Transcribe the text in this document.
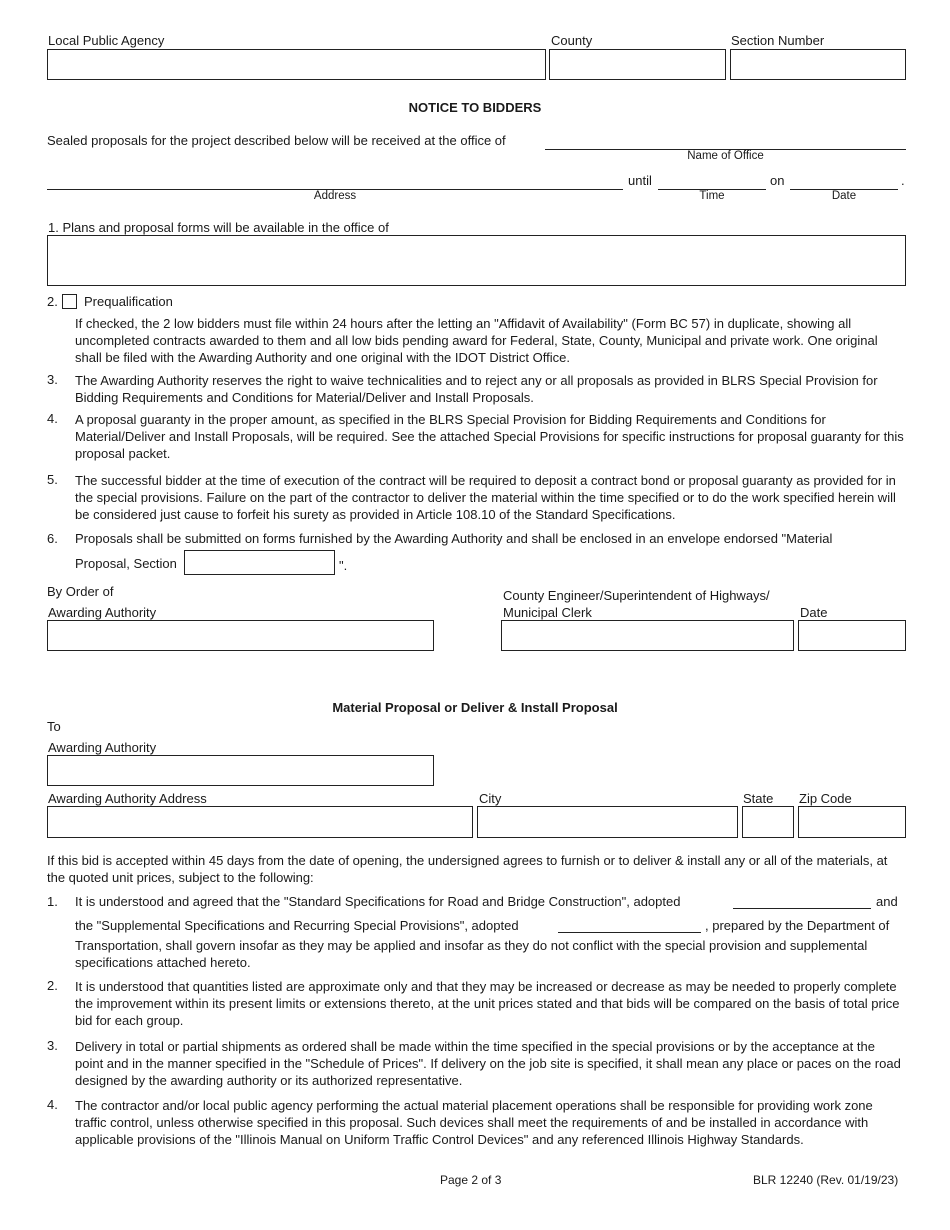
Local Public Agency	County	Section Number
NOTICE TO BIDDERS
Sealed proposals for the project described below will be received at the office of
Name of Office
Address
until
Time
on
Date
.
1. Plans and proposal forms will be available in the office of
2. Prequalification
If checked, the 2 low bidders must file within 24 hours after the letting an "Affidavit of Availability" (Form BC 57) in duplicate, showing all uncompleted contracts awarded to them and all low bids pending award for Federal, State, County, Municipal and private work. One original shall be filed with the Awarding Authority and one original with the IDOT District Office.
3. The Awarding Authority reserves the right to waive technicalities and to reject any or all proposals as provided in BLRS Special Provision for Bidding Requirements and Conditions for Material/Deliver and Install Proposals.
4. A proposal guaranty in the proper amount, as specified in the BLRS Special Provision for Bidding Requirements and Conditions for Material/Deliver and Install Proposals, will be required. See the attached Special Provisions for specific instructions for proposal guaranty for this proposal packet.
5. The successful bidder at the time of execution of the contract will be required to deposit a contract bond or proposal guaranty as provided for in the special provisions. Failure on the part of the contractor to deliver the material within the time specified or to do the work specified herein will be considered just cause to forfeit his surety as provided in Article 108.10 of the Standard Specifications.
6. Proposals shall be submitted on forms furnished by the Awarding Authority and shall be enclosed in an envelope endorsed "Material
Proposal, Section	".
By Order of
Awarding Authority
County Engineer/Superintendent of Highways/
Municipal Clerk	Date
Material Proposal or Deliver & Install Proposal
To
Awarding Authority
Awarding Authority Address	City	State Zip Code
If this bid is accepted within 45 days from the date of opening, the undersigned agrees to furnish or to deliver & install any or all of the materials, at the quoted unit prices, subject to the following:
1. It is understood and agreed that the "Standard Specifications for Road and Bridge Construction", adopted	and
the "Supplemental Specifications and Recurring Special Provisions", adopted	, prepared by the Department of
Transportation, shall govern insofar as they may be applied and insofar as they do not conflict with the special provision and supplemental specifications attached hereto.
2. It is understood that quantities listed are approximate only and that they may be increased or decrease as may be needed to properly complete the improvement within its present limits or extensions thereto, at the unit prices stated and that bids will be compared on the basis of total price bid for each group.
3. Delivery in total or partial shipments as ordered shall be made within the time specified in the special provisions or by the acceptance at the point and in the manner specified in the "Schedule of Prices". If delivery on the job site is specified, it shall mean any place or paces on the road designed by the awarding authority or its authorized representative.
4. The contractor and/or local public agency performing the actual material placement operations shall be responsible for providing work zone traffic control, unless otherwise specified in this proposal. Such devices shall meet the requirements of and be installed in accordance with applicable provisions of the "Illinois Manual on Uniform Traffic Control Devices" and any referenced Illinois Highway Standards.
Page 2 of 3	BLR 12240 (Rev. 01/19/23)
